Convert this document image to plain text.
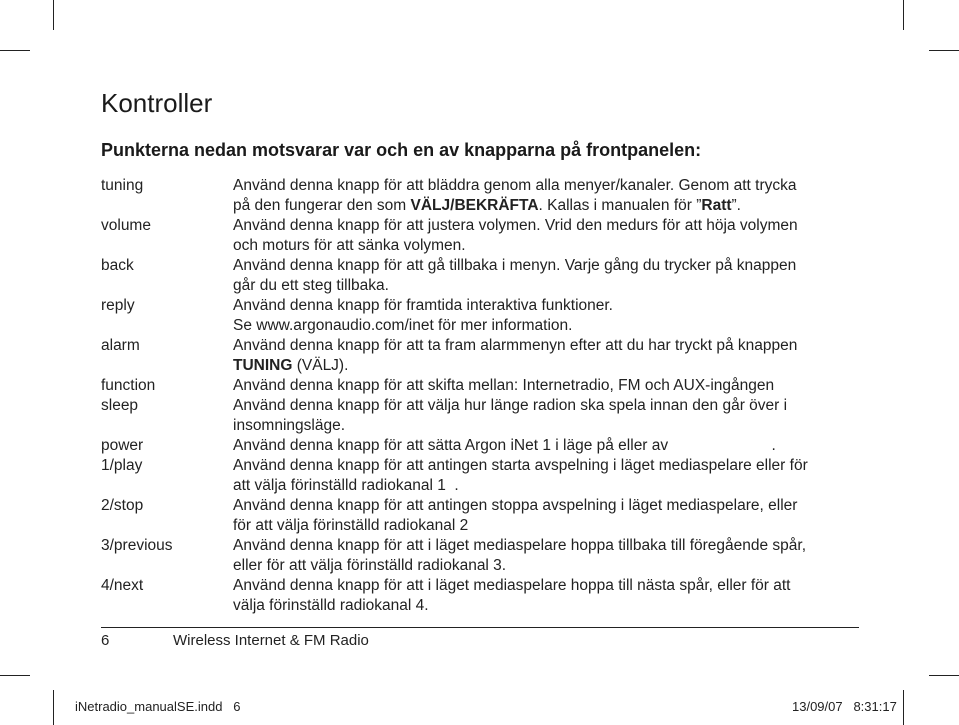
Kontroller
Punkterna nedan motsvarar var och en av knapparna på frontpanelen:
tuning	Använd denna knapp för att bläddra genom alla menyer/kanaler. Genom att trycka
på den fungerar den som VÄLJ/BEKRÄFTA. Kallas i manualen för ”Ratt”.
volume	Använd denna knapp för att justera volymen. Vrid den medurs för att höja volymen
och moturs för att sänka volymen.
back	Använd denna knapp för att gå tillbaka i menyn. Varje gång du trycker på knappen
går du ett steg tillbaka.
reply	Använd denna knapp för framtida interaktiva funktioner.
Se www.argonaudio.com/inet för mer information.
alarm	Använd denna knapp för att ta fram alarmmenyn efter att du har tryckt på knappen
TUNING (VÄLJ).
function	Använd denna knapp för att skifta mellan: Internetradio, FM och AUX-ingången
sleep	Använd denna knapp för att välja hur länge radion ska spela innan den går över i
insomningsläge.
power	Använd denna knapp för att sätta Argon iNet 1 i läge på eller av                        .
1/play	Använd denna knapp för att antingen starta avspelning i läget mediaspelare eller för
att välja förinställd radiokanal 1  .
2/stop	Använd denna knapp för att antingen stoppa avspelning i läget mediaspelare, eller
för att välja förinställd radiokanal 2
3/previous	Använd denna knapp för att i läget mediaspelare hoppa tillbaka till föregående spår,
eller för att välja förinställd radiokanal 3.
4/next	Använd denna knapp för att i läget mediaspelare hoppa till nästa spår, eller för att
välja förinställd radiokanal 4.
6	Wireless Internet & FM Radio
iNetradio_manualSE.indd   6	13/09/07   8:31:17
